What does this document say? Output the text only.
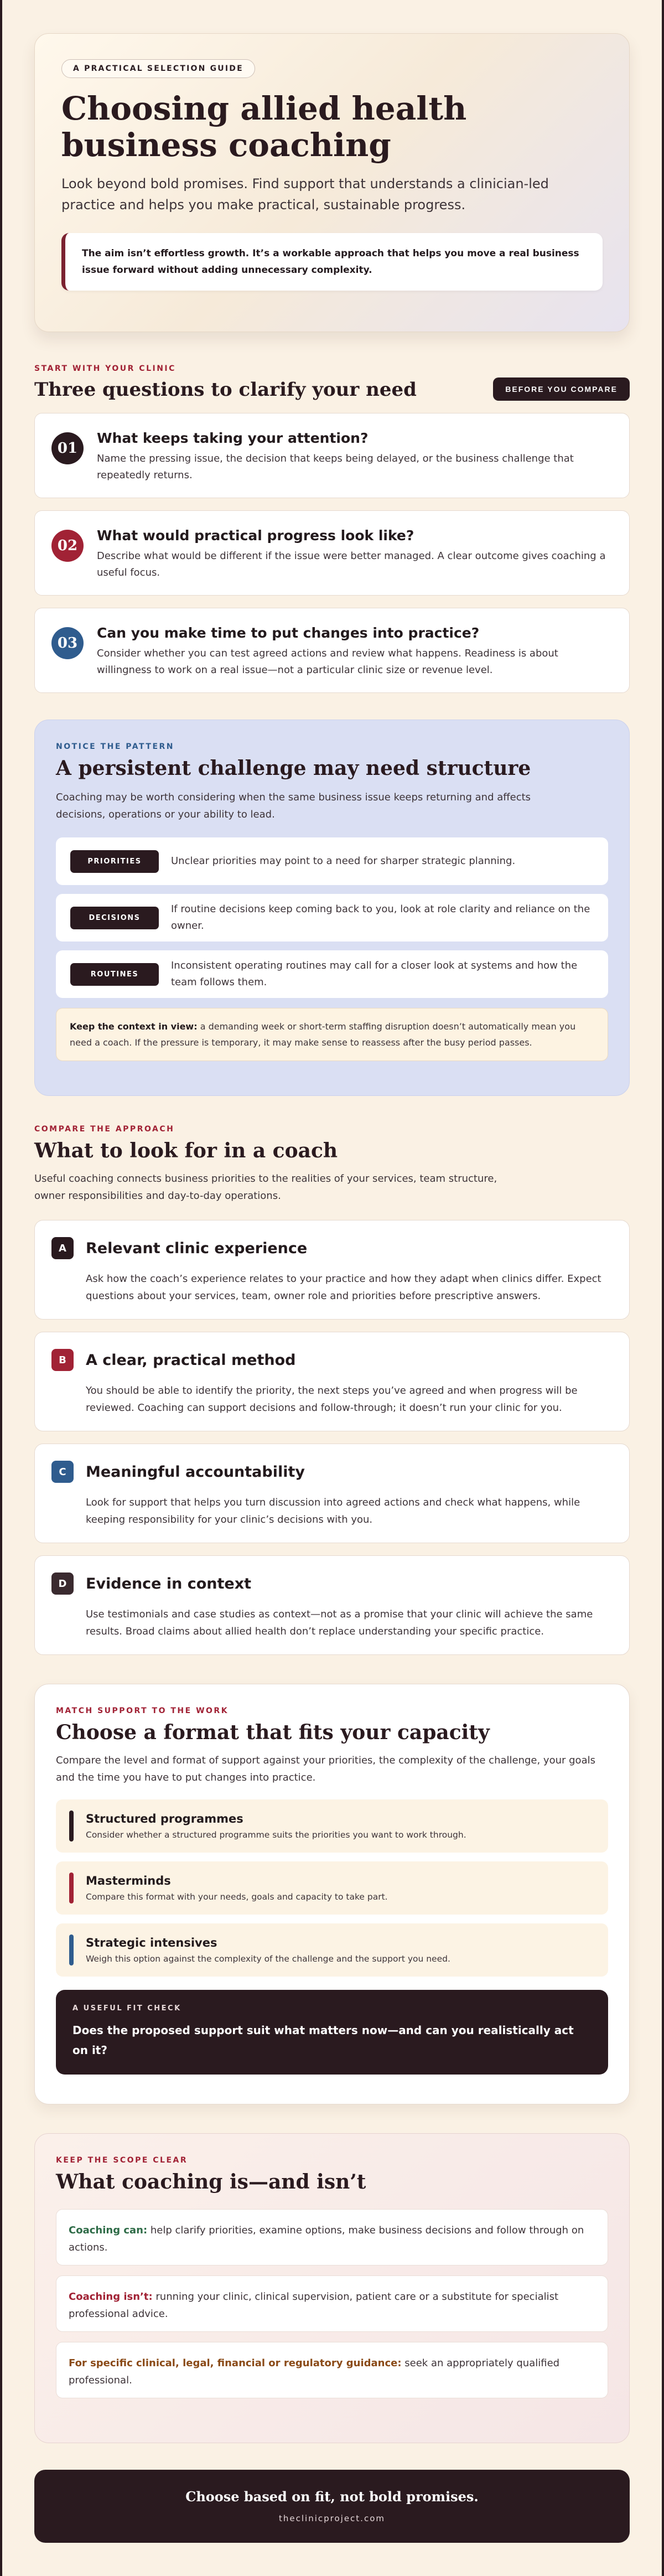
A PRACTICAL SELECTION GUIDE
Choosing allied health business coaching

Look beyond bold promises. Find support that understands a clinician-led practice and helps you make practical, sustainable progress.

The aim isn’t effortless growth. It’s a workable approach that helps you move a real business issue forward without adding unnecessary complexity.
START WITH YOUR CLINIC
Three questions to clarify your need	BEFORE YOU COMPARE
01
What keeps taking your attention?

Name the pressing issue, the decision that keeps being delayed, or the business challenge that repeatedly returns.

02
What would practical progress look like?

Describe what would be different if the issue were better managed. A clear outcome gives coaching a useful focus.

03
Can you make time to put changes into practice?

Consider whether you can test agreed actions and review what happens. Readiness is about willingness to work on a real issue—not a particular clinic size or revenue level.

NOTICE THE PATTERN
A persistent challenge may need structure

Coaching may be worth considering when the same business issue keeps returning and affects decisions, operations or your ability to lead.

PRIORITIES	Unclear priorities may point to a need for sharper strategic planning.

DECISIONS

If routine decisions keep coming back to you, look at role clarity and reliance on the owner.

ROUTINES

Inconsistent operating routines may call for a closer look at systems and how the team follows them.

Keep the context in view: a demanding week or short-term staffing disruption doesn’t automatically mean you need a coach. If the pressure is temporary, it may make sense to reassess after the busy period passes.
COMPARE THE APPROACH
What to look for in a coach

Useful coaching connects business priorities to the realities of your services, team structure, owner responsibilities and day-to-day operations.

A	Relevant clinic experience

Ask how the coach’s experience relates to your practice and how they adapt when clinics differ. Expect questions about your services, team, owner role and priorities before prescriptive answers.

B	A clear, practical method

You should be able to identify the priority, the next steps you’ve agreed and when progress will be reviewed. Coaching can support decisions and follow-through; it doesn’t run your clinic for you.

C	Meaningful accountability

Look for support that helps you turn discussion into agreed actions and check what happens, while keeping responsibility for your clinic’s decisions with you.

D	Evidence in context

Use testimonials and case studies as context—not as a promise that your clinic will achieve the same results. Broad claims about allied health don’t replace understanding your specific practice.

MATCH SUPPORT TO THE WORK
Choose a format that fits your capacity

Compare the level and format of support against your priorities, the complexity of the challenge, your goals and the time you have to put changes into practice.

Structured programmes

Consider whether a structured programme suits the priorities you want to work through.

Masterminds

Compare this format with your needs, goals and capacity to take part.

Strategic intensives

Weigh this option against the complexity of the challenge and the support you need.

A USEFUL FIT CHECK

Does the proposed support suit what matters now—and can you realistically act on it?

KEEP THE SCOPE CLEAR
What coaching is—and isn’t
Coaching can: help clarify priorities, examine options, make business decisions and follow through on actions.
Coaching isn’t: running your clinic, clinical supervision, patient care or a substitute for specialist professional advice.
For specific clinical, legal, financial or regulatory guidance: seek an appropriately qualified professional.
Choose based on fit, not bold promises.
theclinicproject.com
